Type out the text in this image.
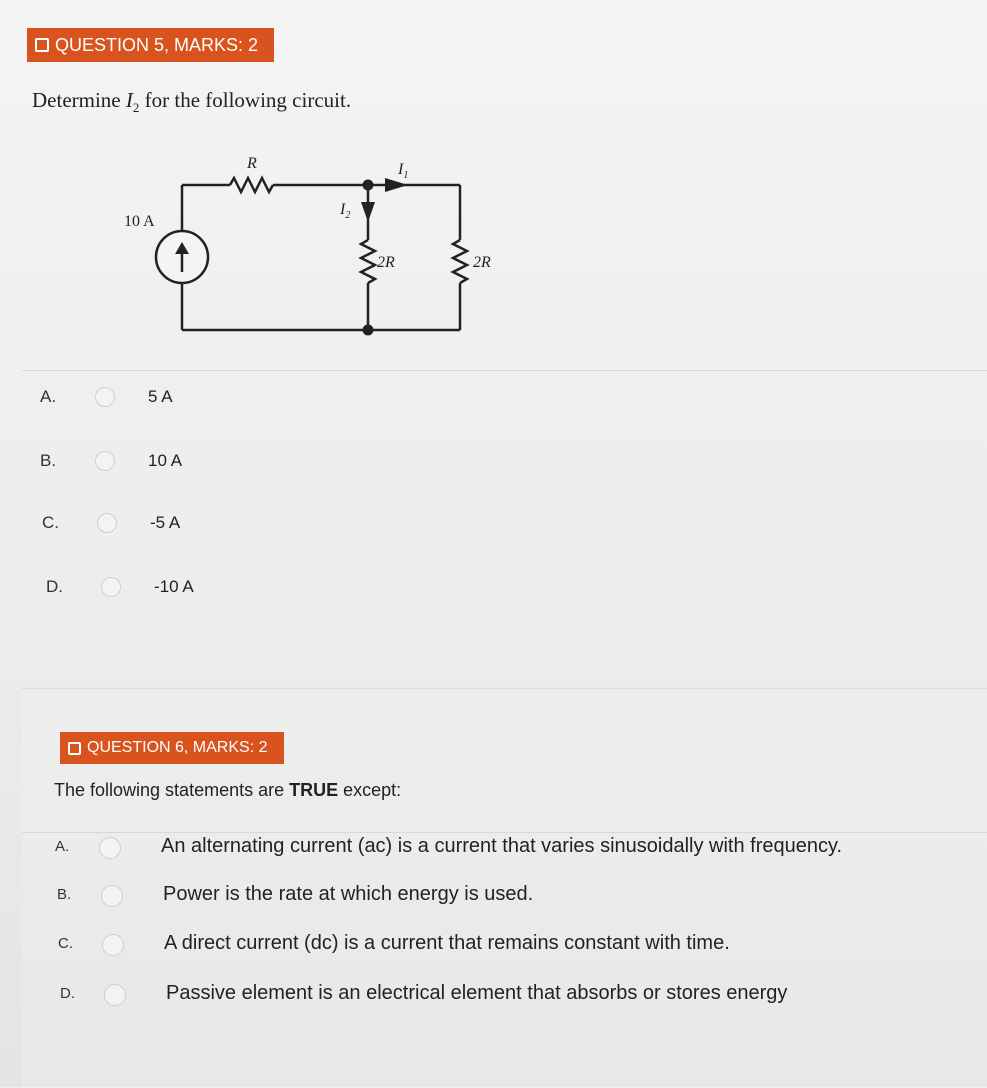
QUESTION 5, MARKS: 2
Determine $I_2$ for the following circuit.
R	$I_1$
$I_2$
10 A
2R	2R
A.	5 A
B.	10 A
C.	-5 A
D.	-10 A
QUESTION 6, MARKS: 2
The following statements are TRUE except:
A.	An alternating current (ac) is a current that varies sinusoidally with frequency.
B.	Power is the rate at which energy is used.
C.	A direct current (dc) is a current that remains constant with time.
D.	Passive element is an electrical element that absorbs or stores energy
